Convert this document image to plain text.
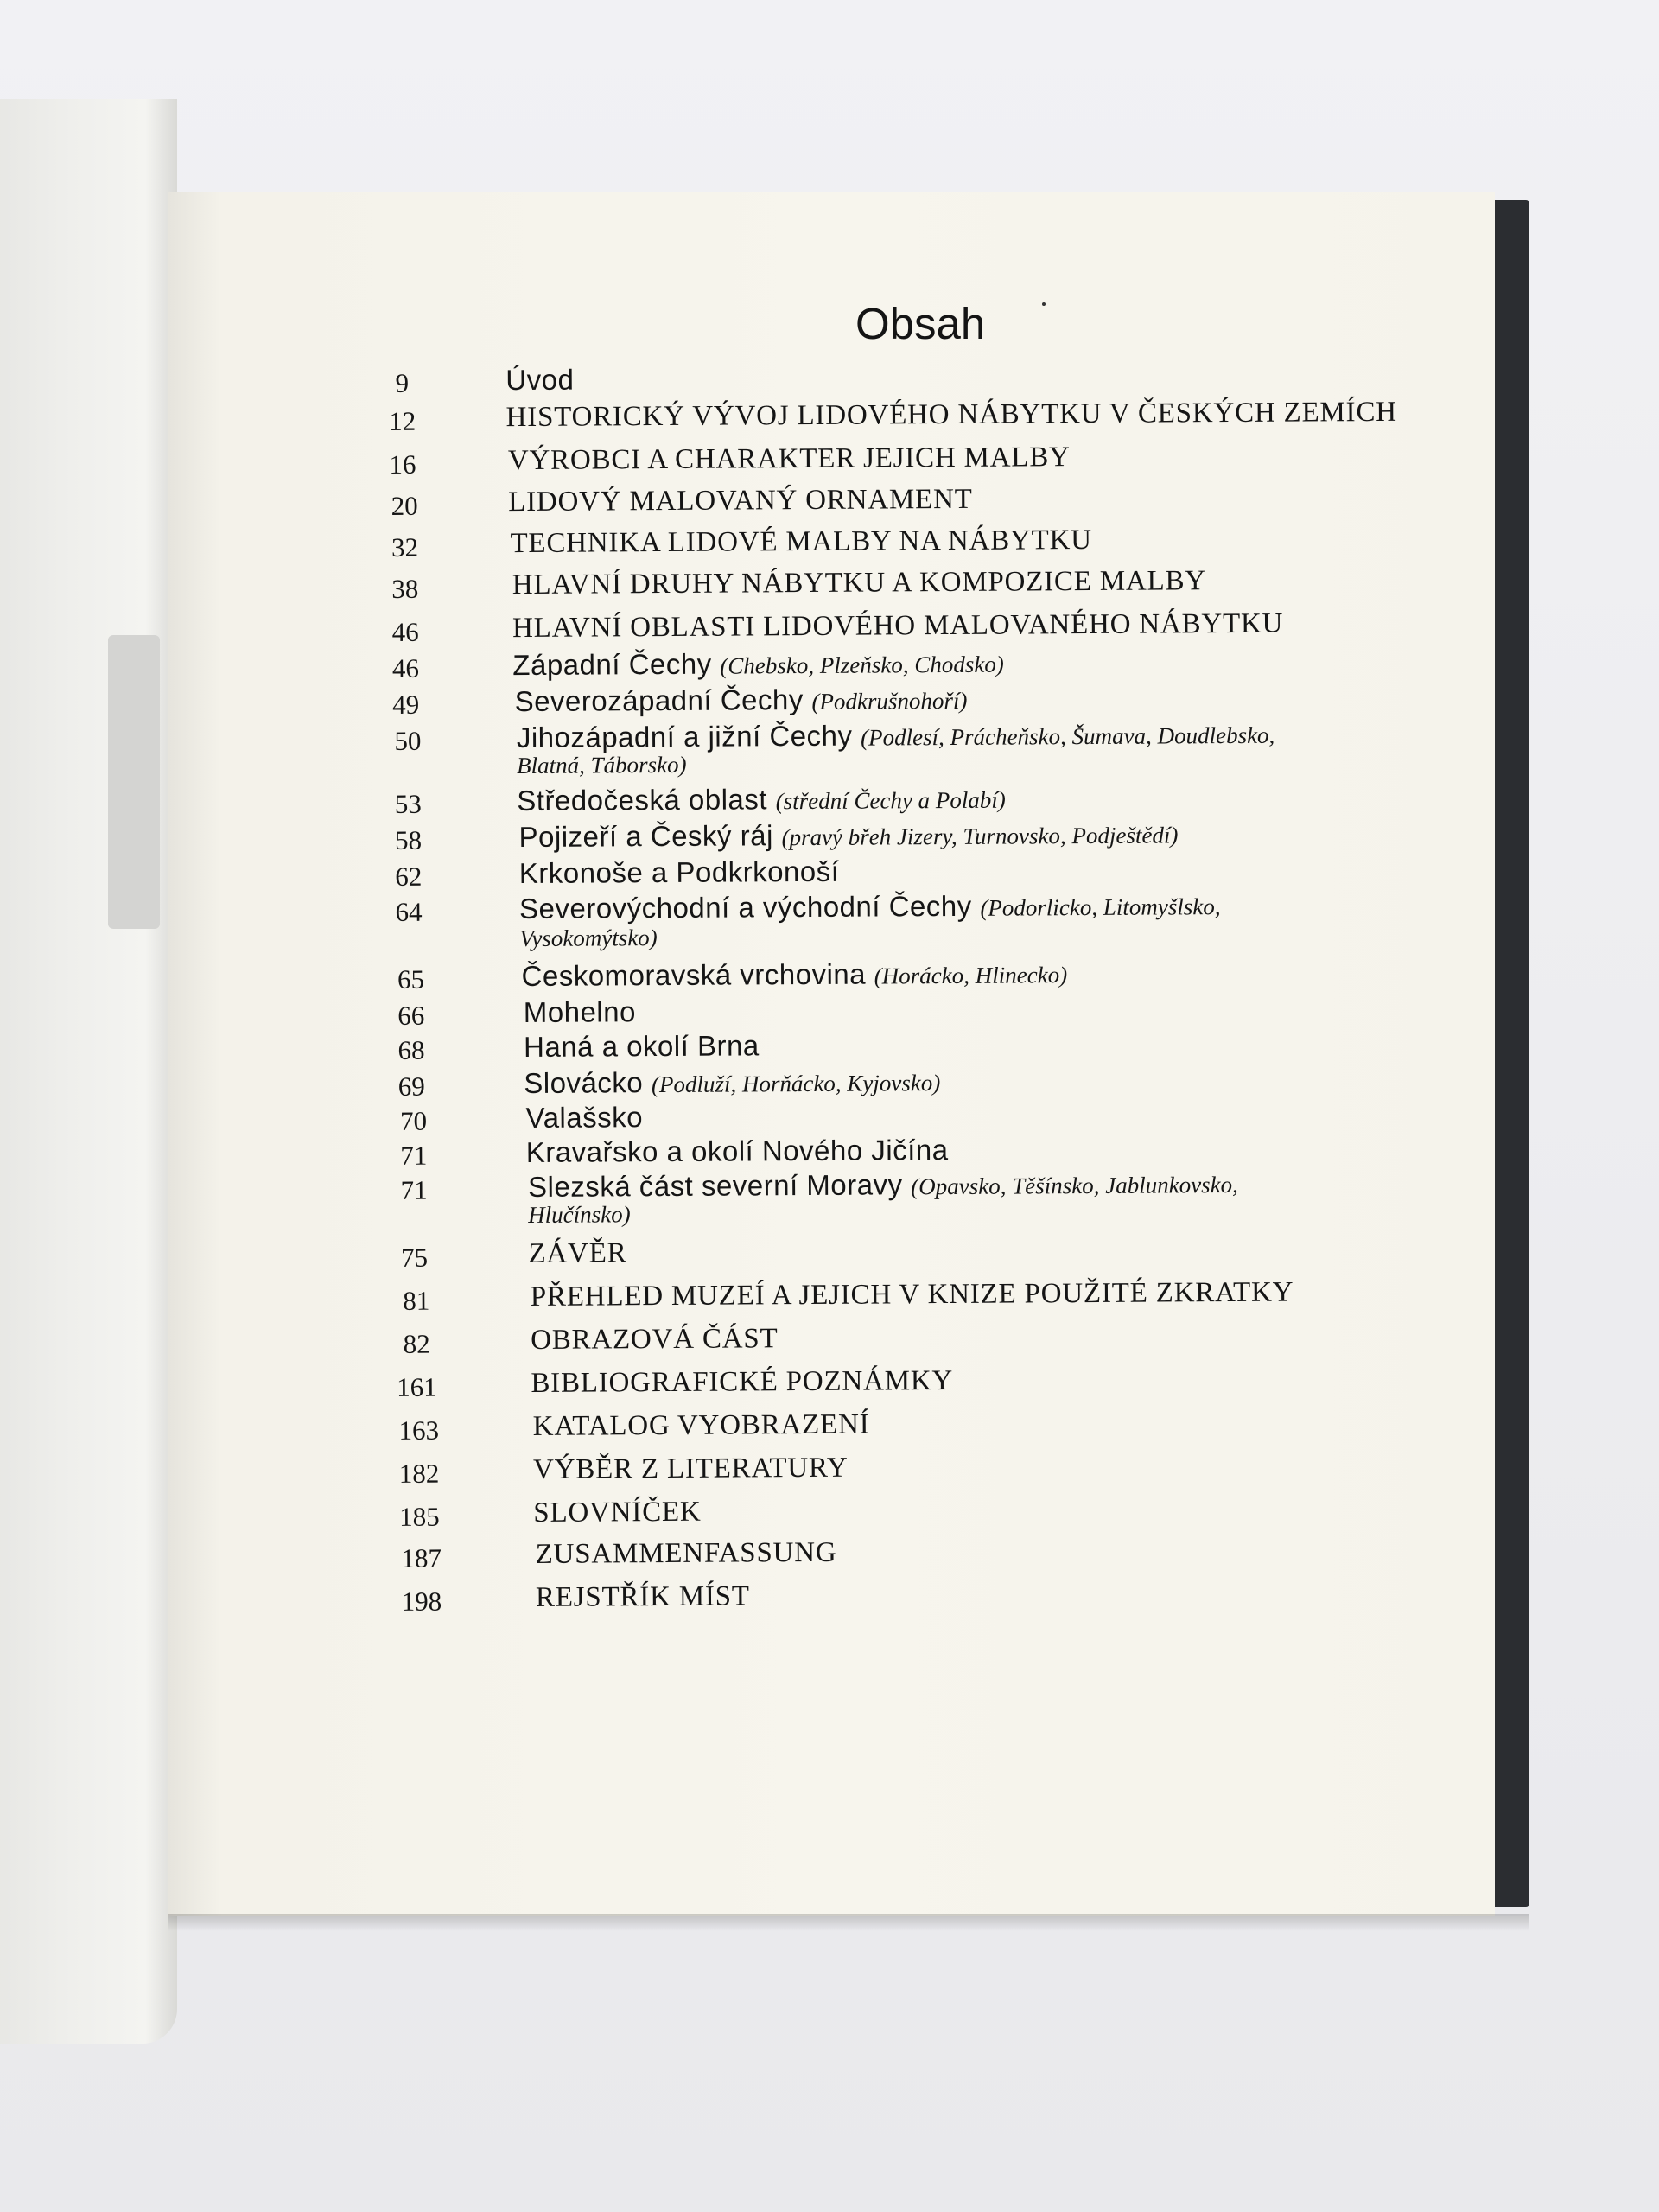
Obsah
9	Úvod
12	HISTORICKÝ VÝVOJ LIDOVÉHO NÁBYTKU V ČESKÝCH ZEMÍCH
16	VÝROBCI A CHARAKTER JEJICH MALBY
20	LIDOVÝ MALOVANÝ ORNAMENT
32	TECHNIKA LIDOVÉ MALBY NA NÁBYTKU
38	HLAVNÍ DRUHY NÁBYTKU A KOMPOZICE MALBY
46	HLAVNÍ OBLASTI LIDOVÉHO MALOVANÉHO NÁBYTKU
46	Západní Čechy (Chebsko, Plzeňsko, Chodsko)
49	Severozápadní Čechy (Podkrušnohoří)
50	Jihozápadní a jižní Čechy (Podlesí, Prácheňsko, Šumava, Doudlebsko,
Blatná, Táborsko)
53	Středočeská oblast (střední Čechy a Polabí)
58	Pojizeří a Český ráj (pravý břeh Jizery, Turnovsko, Podještědí)
62	Krkonoše a Podkrkonoší
64	Severovýchodní a východní Čechy (Podorlicko, Litomyšlsko,
Vysokomýtsko)
65	Českomoravská vrchovina (Horácko, Hlinecko)
66	Mohelno
68	Haná a okolí Brna
69	Slovácko (Podluží, Horňácko, Kyjovsko)
70	Valašsko
71	Kravařsko a okolí Nového Jičína
71	Slezská část severní Moravy (Opavsko, Těšínsko, Jablunkovsko,
Hlučínsko)
75	ZÁVĚR
81	PŘEHLED MUZEÍ A JEJICH V KNIZE POUŽITÉ ZKRATKY
82	OBRAZOVÁ ČÁST
161	BIBLIOGRAFICKÉ POZNÁMKY
163	KATALOG VYOBRAZENÍ
182	VÝBĚR Z LITERATURY
185	SLOVNÍČEK
187	ZUSAMMENFASSUNG
198	REJSTŘÍK MÍST
